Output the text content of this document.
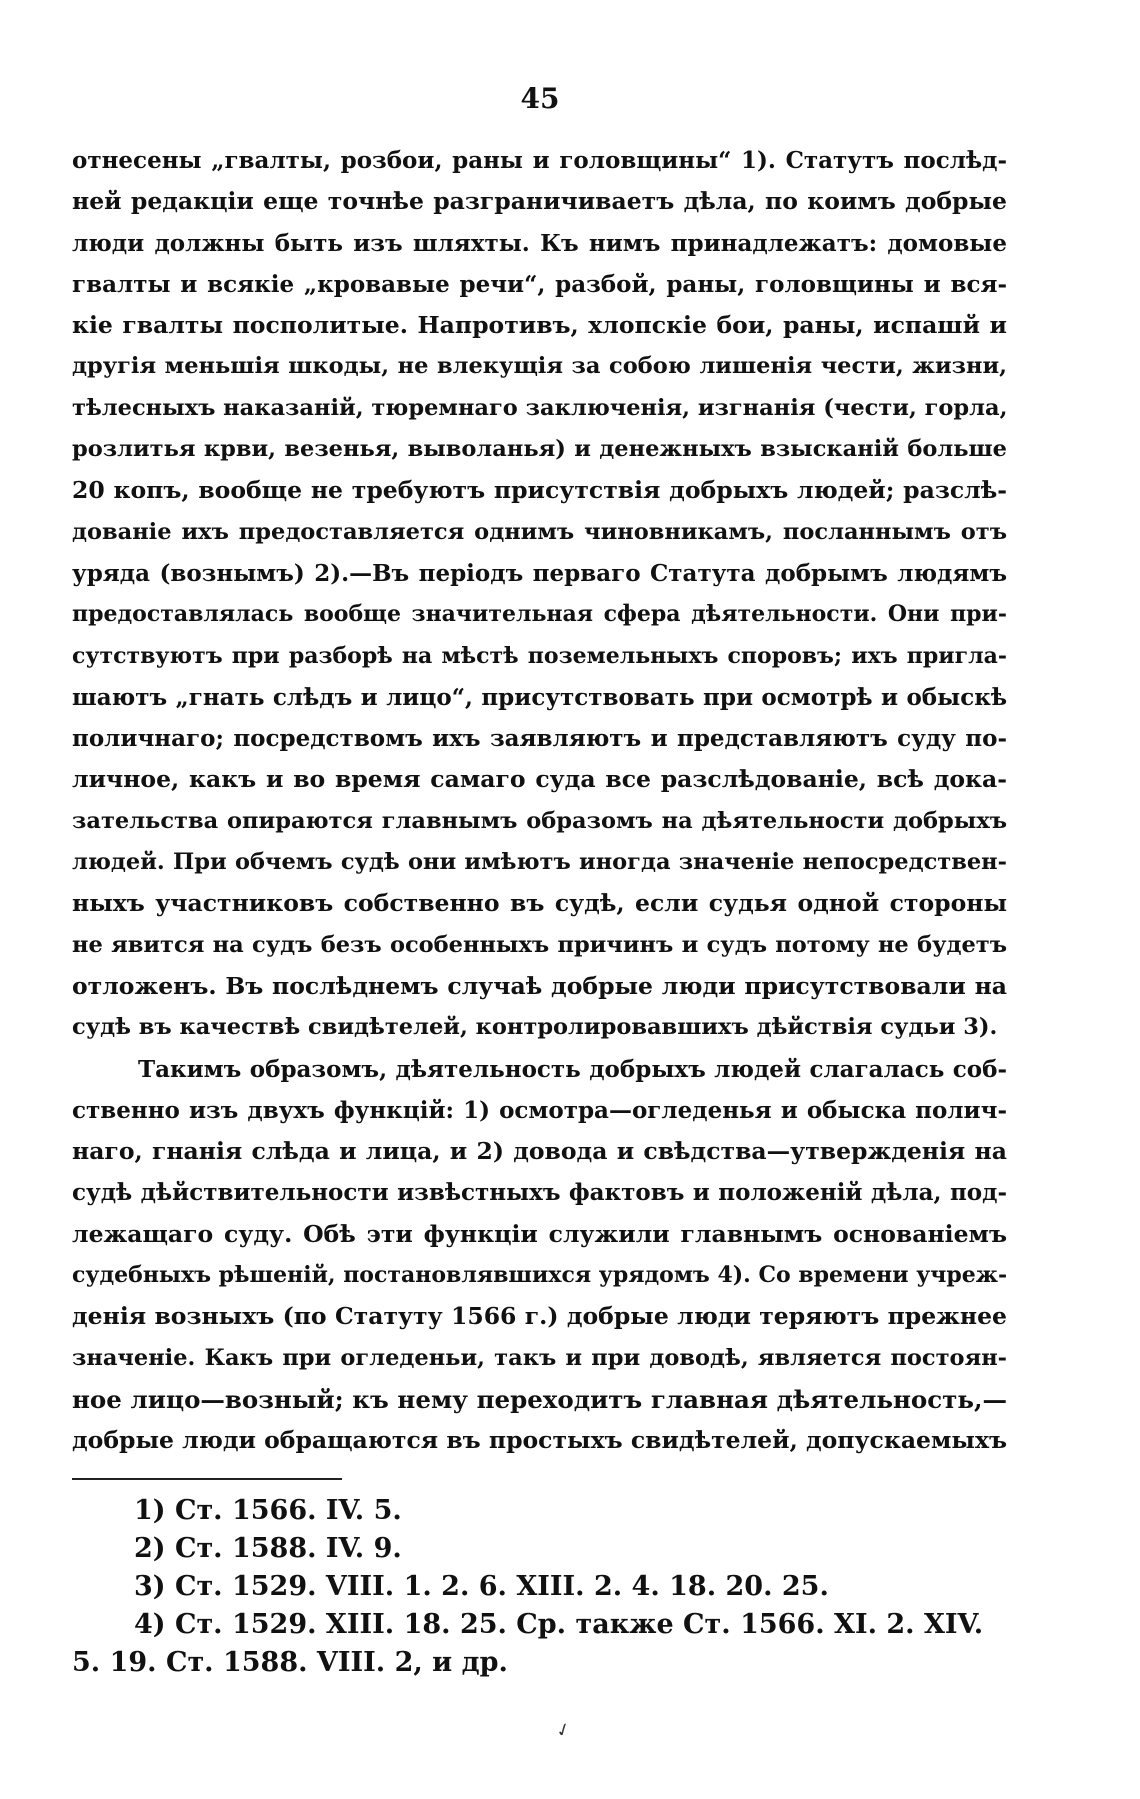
45
отнесены „гвалты, розбои, раны и головщины“ 1). Статутъ послѣд-
ней редакціи еще точнѣе разграничиваетъ дѣла, по коимъ добрые
люди должны быть изъ шляхты. Къ нимъ принадлежатъ: домовые
гвалты и всякіе „кровавые речи“, разбой, раны, головщины и вся-
кіе гвалты посполитые. Напротивъ, хлопскіе бои, раны, испашй и
другія меньшія шкоды, не влекущія за собою лишенія чести, жизни,
тѣлесныхъ наказаній, тюремнаго заключенія, изгнанія (чести, горла,
розлитья крви, везенья, выволанья) и денежныхъ взысканій больше
20 копъ, вообще не требуютъ присутствія добрыхъ людей; разслѣ-
дованіе ихъ предоставляется однимъ чиновникамъ, посланнымъ отъ
уряда (вознымъ) 2).—Въ періодъ перваго Статута добрымъ людямъ
предоставлялась вообще значительная сфера дѣятельности. Они при-
сутствуютъ при разборѣ на мѣстѣ поземельныхъ споровъ; ихъ пригла-
шаютъ „гнать слѣдъ и лицо“, присутствовать при осмотрѣ и обыскѣ
поличнаго; посредствомъ ихъ заявляютъ и представляютъ суду по-
личное, какъ и во время самаго суда все разслѣдованіе, всѣ дока-
зательства опираются главнымъ образомъ на дѣятельности добрыхъ
людей. При обчемъ судѣ они имѣютъ иногда значеніе непосредствен-
ныхъ участниковъ собственно въ судѣ, если судья одной стороны
не явится на судъ безъ особенныхъ причинъ и судъ потому не будетъ
отложенъ. Въ послѣднемъ случаѣ добрые люди присутствовали на
судѣ въ качествѣ свидѣтелей, контролировавшихъ дѣйствія судьи 3).
Такимъ образомъ, дѣятельность добрыхъ людей слагалась соб-
ственно изъ двухъ функцій: 1) осмотра—огледенья и обыска полич-
наго, гнанія слѣда и лица, и 2) довода и свѣдства—утвержденія на
судѣ дѣйствительности извѣстныхъ фактовъ и положеній дѣла, под-
лежащаго суду. Обѣ эти функціи служили главнымъ основаніемъ
судебныхъ рѣшеній, постановлявшихся урядомъ 4). Со времени учреж-
денія возныхъ (по Статуту 1566 г.) добрые люди теряютъ прежнее
значеніе. Какъ при огледеньи, такъ и при доводѣ, является постоян-
ное лицо—возный; къ нему переходитъ главная дѣятельность,—
добрые люди обращаются въ простыхъ свидѣтелей, допускаемыхъ
1) Ст. 1566. IV. 5.
2) Ст. 1588. IV. 9.
3) Ст. 1529. VIII. 1. 2. 6. XIII. 2. 4. 18. 20. 25.
4) Ст. 1529. XIII. 18. 25. Ср. также Ст. 1566. XI. 2. XIV.
5. 19. Ст. 1588. VIII. 2, и др.
✓
